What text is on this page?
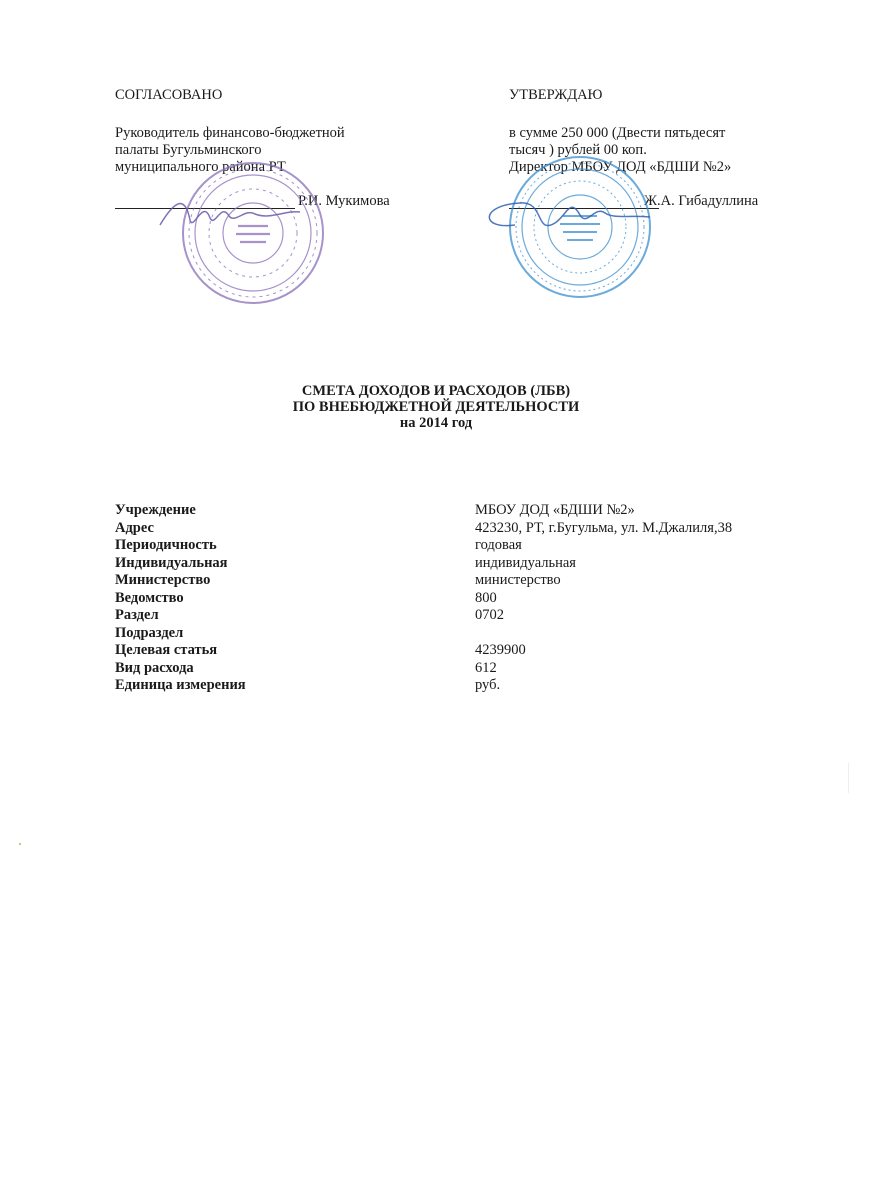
СОГЛАСОВАНО
Руководитель финансово-бюджетной
палаты Бугульминского
муниципального района РТ
Р.И. Мукимова
УТВЕРЖДАЮ
в сумме 250 000 (Двести пятьдесят
тысяч ) рублей 00 коп.
Директор МБОУ ДОД «БДШИ №2»
Ж.А. Гибадуллина
СМЕТА ДОХОДОВ И РАСХОДОВ (ЛБВ)
ПО ВНЕБЮДЖЕТНОЙ ДЕЯТЕЛЬНОСТИ
на 2014 год
Учреждение	МБОУ ДОД «БДШИ №2»
Адрес	423230, РТ, г.Бугульма, ул. М.Джалиля,38
Периодичность	годовая
Индивидуальная	индивидуальная
Министерство	министерство
Ведомство	800
Раздел	0702
Подраздел
Целевая статья	4239900
Вид расхода	612
Единица измерения	руб.
